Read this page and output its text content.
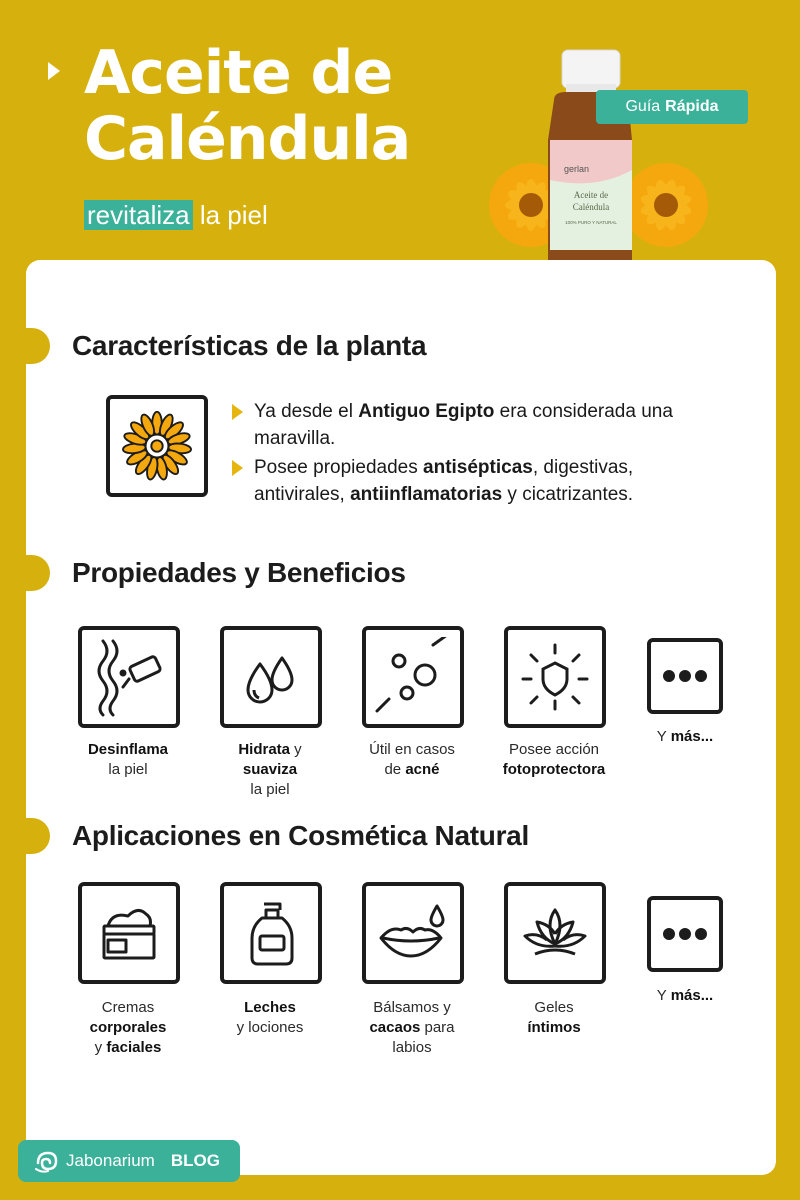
Aceite de Caléndula
revitaliza la piel
gerlan
Aceite de
Caléndula
100% PURO Y NATURAL
Guía Rápida
Características de la planta
Ya desde el Antiguo Egipto era considerada una maravilla.
Posee propiedades antisépticas, digestivas, antivirales, antiinflamatorias y cicatrizantes.
Propiedades y Beneficios
Desinflama
la piel
Hidrata y
suaviza
la piel
Útil en casos
de acné
Posee acción
fotoprotectora
Y más...
Aplicaciones en Cosmética Natural
Cremas
corporales
y faciales
Leches
y lociones
Bálsamos y
cacaos para
labios
Geles
íntimos
Y más...
Jabonarium BLOG
